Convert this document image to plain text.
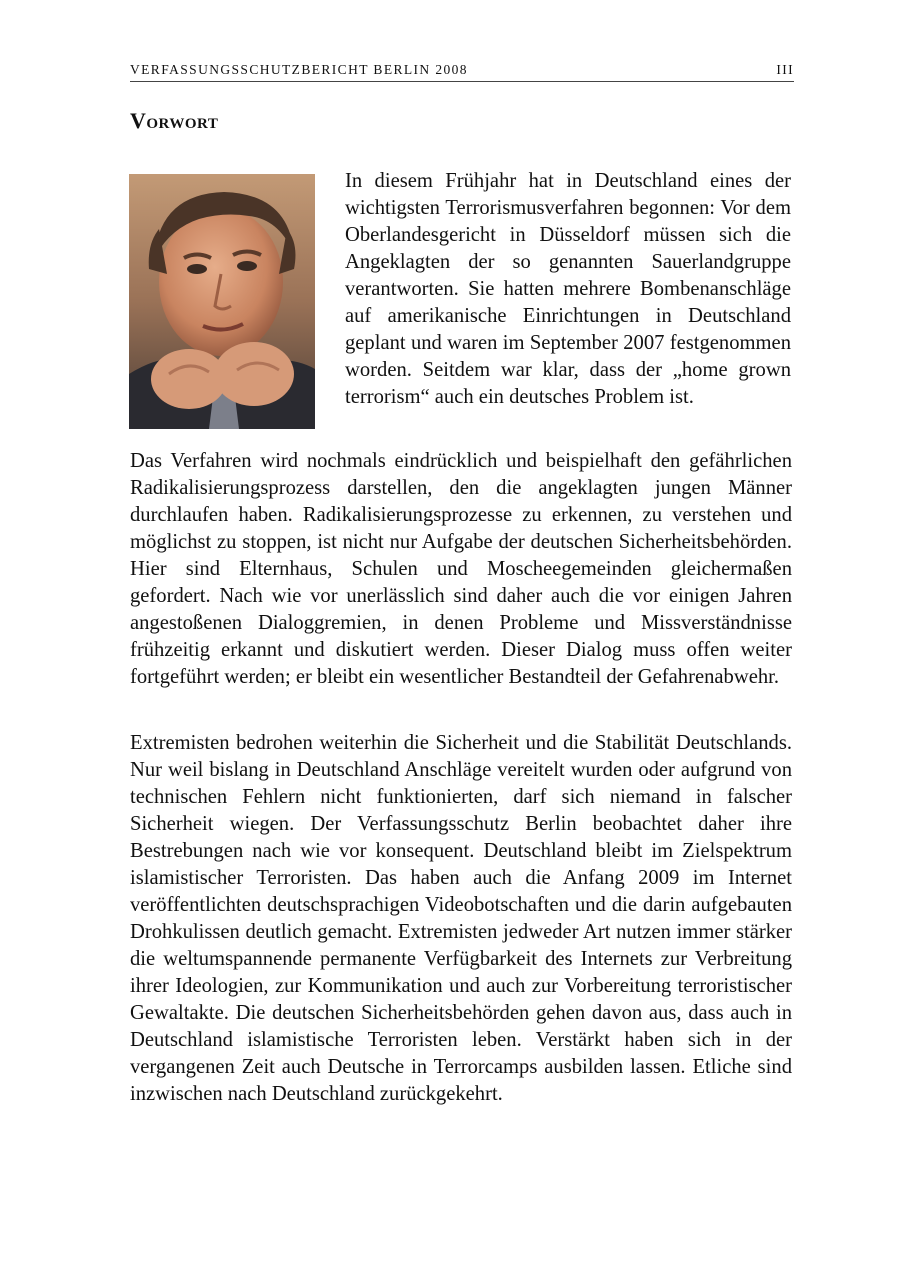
VERFASSUNGSSCHUTZBERICHT BERLIN 2008	III
Vorwort

In diesem Frühjahr hat in Deutschland eines der wichtigsten Terrorismusverfahren begonnen: Vor dem Oberlandesgericht in Düsseldorf müssen sich die Angeklagten der so genannten Sauerlandgruppe verantworten. Sie hatten mehrere Bombenanschläge auf amerikanische Einrichtungen in Deutschland geplant und waren im September 2007 festgenommen worden. Seitdem war klar, dass der „home grown terrorism“ auch ein deutsches Problem ist.

Das Verfahren wird nochmals eindrücklich und beispielhaft den gefährlichen Radikalisierungsprozess darstellen, den die angeklagten jungen Männer durchlaufen haben. Radikalisierungsprozesse zu erkennen, zu verstehen und möglichst zu stoppen, ist nicht nur Aufgabe der deutschen Sicherheitsbehörden. Hier sind Elternhaus, Schulen und Moscheegemeinden gleichermaßen gefordert. Nach wie vor unerlässlich sind daher auch die vor einigen Jahren angestoßenen Dialoggremien, in denen Probleme und Missverständnisse frühzeitig erkannt und diskutiert werden. Dieser Dialog muss offen weiter fortgeführt werden; er bleibt ein wesentlicher Bestandteil der Gefahrenabwehr.

Extremisten bedrohen weiterhin die Sicherheit und die Stabilität Deutschlands. Nur weil bislang in Deutschland Anschläge vereitelt wurden oder aufgrund von technischen Fehlern nicht funktionierten, darf sich niemand in falscher Sicherheit wiegen. Der Verfassungsschutz Berlin beobachtet daher ihre Bestrebungen nach wie vor konsequent. Deutschland bleibt im Zielspektrum islamistischer Terroristen. Das haben auch die Anfang 2009 im Internet veröffentlichten deutschsprachigen Videobotschaften und die darin aufgebauten Drohkulissen deutlich gemacht. Extremisten jedweder Art nutzen immer stärker die weltumspannende permanente Verfügbarkeit des Internets zur Verbreitung ihrer Ideologien, zur Kommunikation und auch zur Vorbereitung terroristischer Gewaltakte. Die deutschen Sicherheitsbehörden gehen davon aus, dass auch in Deutschland islamistische Terroristen leben. Verstärkt haben sich in der vergangenen Zeit auch Deutsche in Terrorcamps ausbilden lassen. Etliche sind inzwischen nach Deutschland zurückgekehrt.
